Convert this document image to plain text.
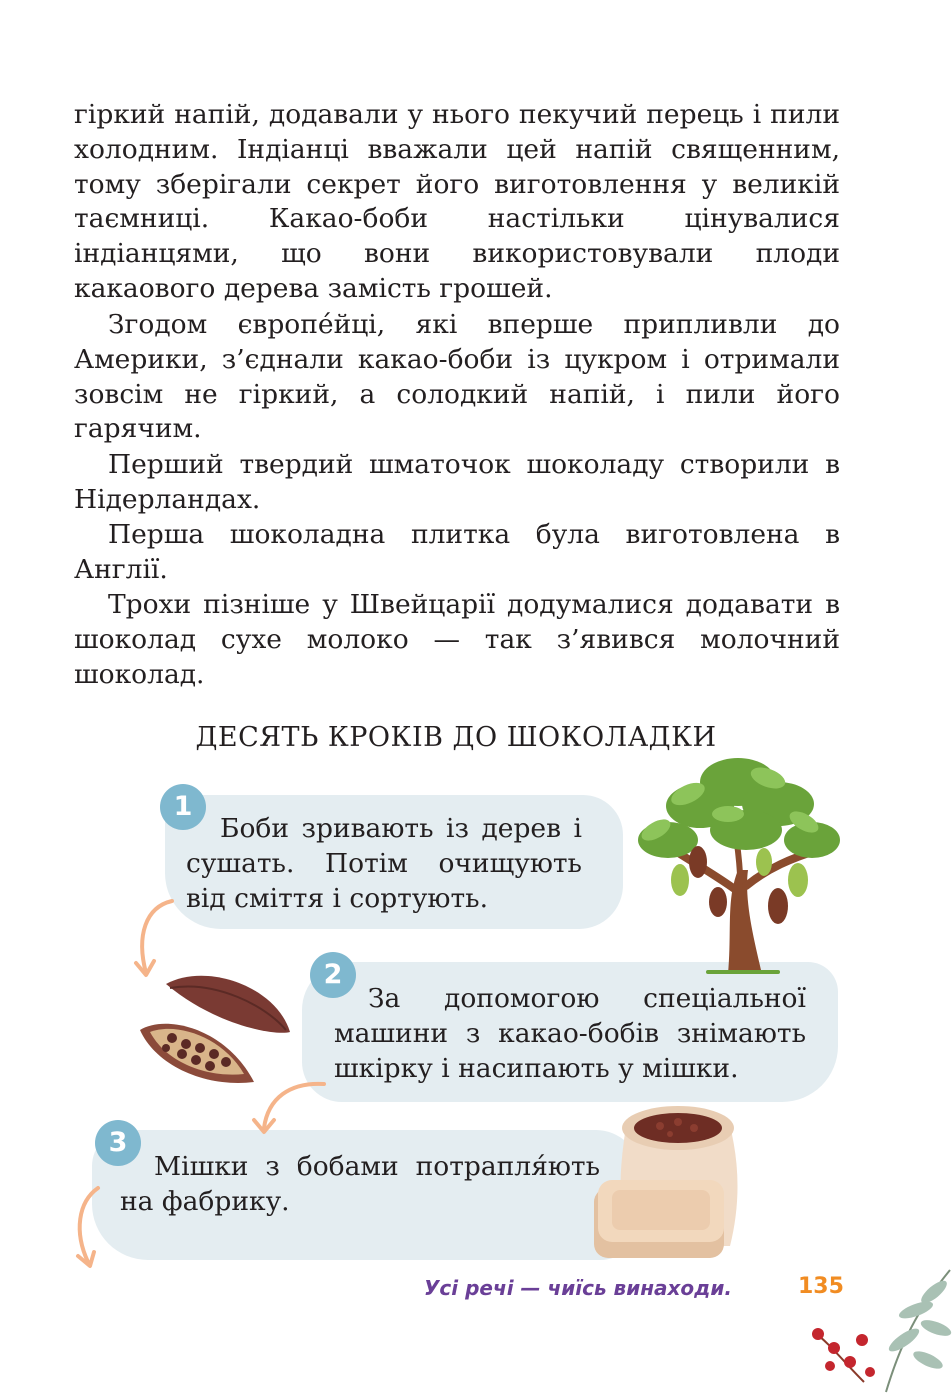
гіркий напій, додавали у нього пекучий перець і пили холодним. Індіанці вважали цей напій священним, тому зберігали секрет його виготовлення у великій таємниці. Какао-боби настільки цінувалися індіанцями, що вони використовували плоди какаового дерева замість грошей.

Згодом європе́йці, які вперше припливли до Америки, з’єднали какао-боби із цукром і отримали зовсім не гіркий, а солодкий напій, і пили його гарячим.

Перший твердий шматочок шоколаду створили в Нідерландах.

Перша шоколадна плитка була виготовлена в Англії.

Трохи пізніше у Швейцарії додумалися додавати в шоколад сухе молоко — так з’явився молочний шоколад.

ДЕСЯТЬ КРОКІВ ДО ШОКОЛАДКИ

Боби зривають із дерев і сушать. Потім очищують від сміття і сортують.

За допомогою спеціальної машини з какао-бобів знімають шкірку і насипають у мішки.

Мішки з бобами потрапля́ють на фабрику.

1
2
3

Усі речі — чиїсь винаходи.	135
